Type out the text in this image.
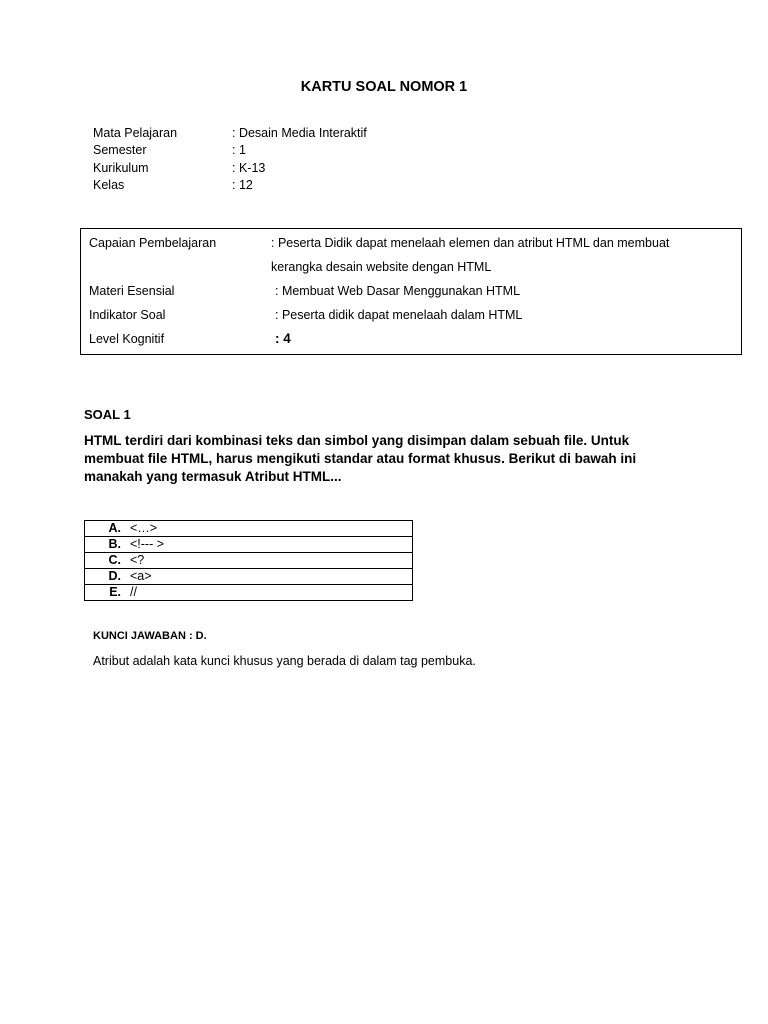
KARTU SOAL NOMOR 1
Mata Pelajaran	: Desain Media Interaktif
Semester	: 1
Kurikulum	: K-13
Kelas	: 12
Capaian Pembelajaran	: Peserta Didik dapat menelaah elemen dan atribut HTML dan membuat
kerangka desain website dengan HTML
Materi Esensial	: Membuat Web Dasar Menggunakan HTML
Indikator Soal	: Peserta didik dapat menelaah dalam HTML
Level Kognitif	: 4
SOAL 1
HTML terdiri dari kombinasi teks dan simbol yang disimpan dalam sebuah file. Untuk membuat file HTML, harus mengikuti standar atau format khusus. Berikut di bawah ini manakah yang termasuk Atribut HTML...
A. <…>
B. <!--- >
C. <?
D. <a>
E. //
KUNCI JAWABAN : D.
Atribut adalah kata kunci khusus yang berada di dalam tag pembuka.
